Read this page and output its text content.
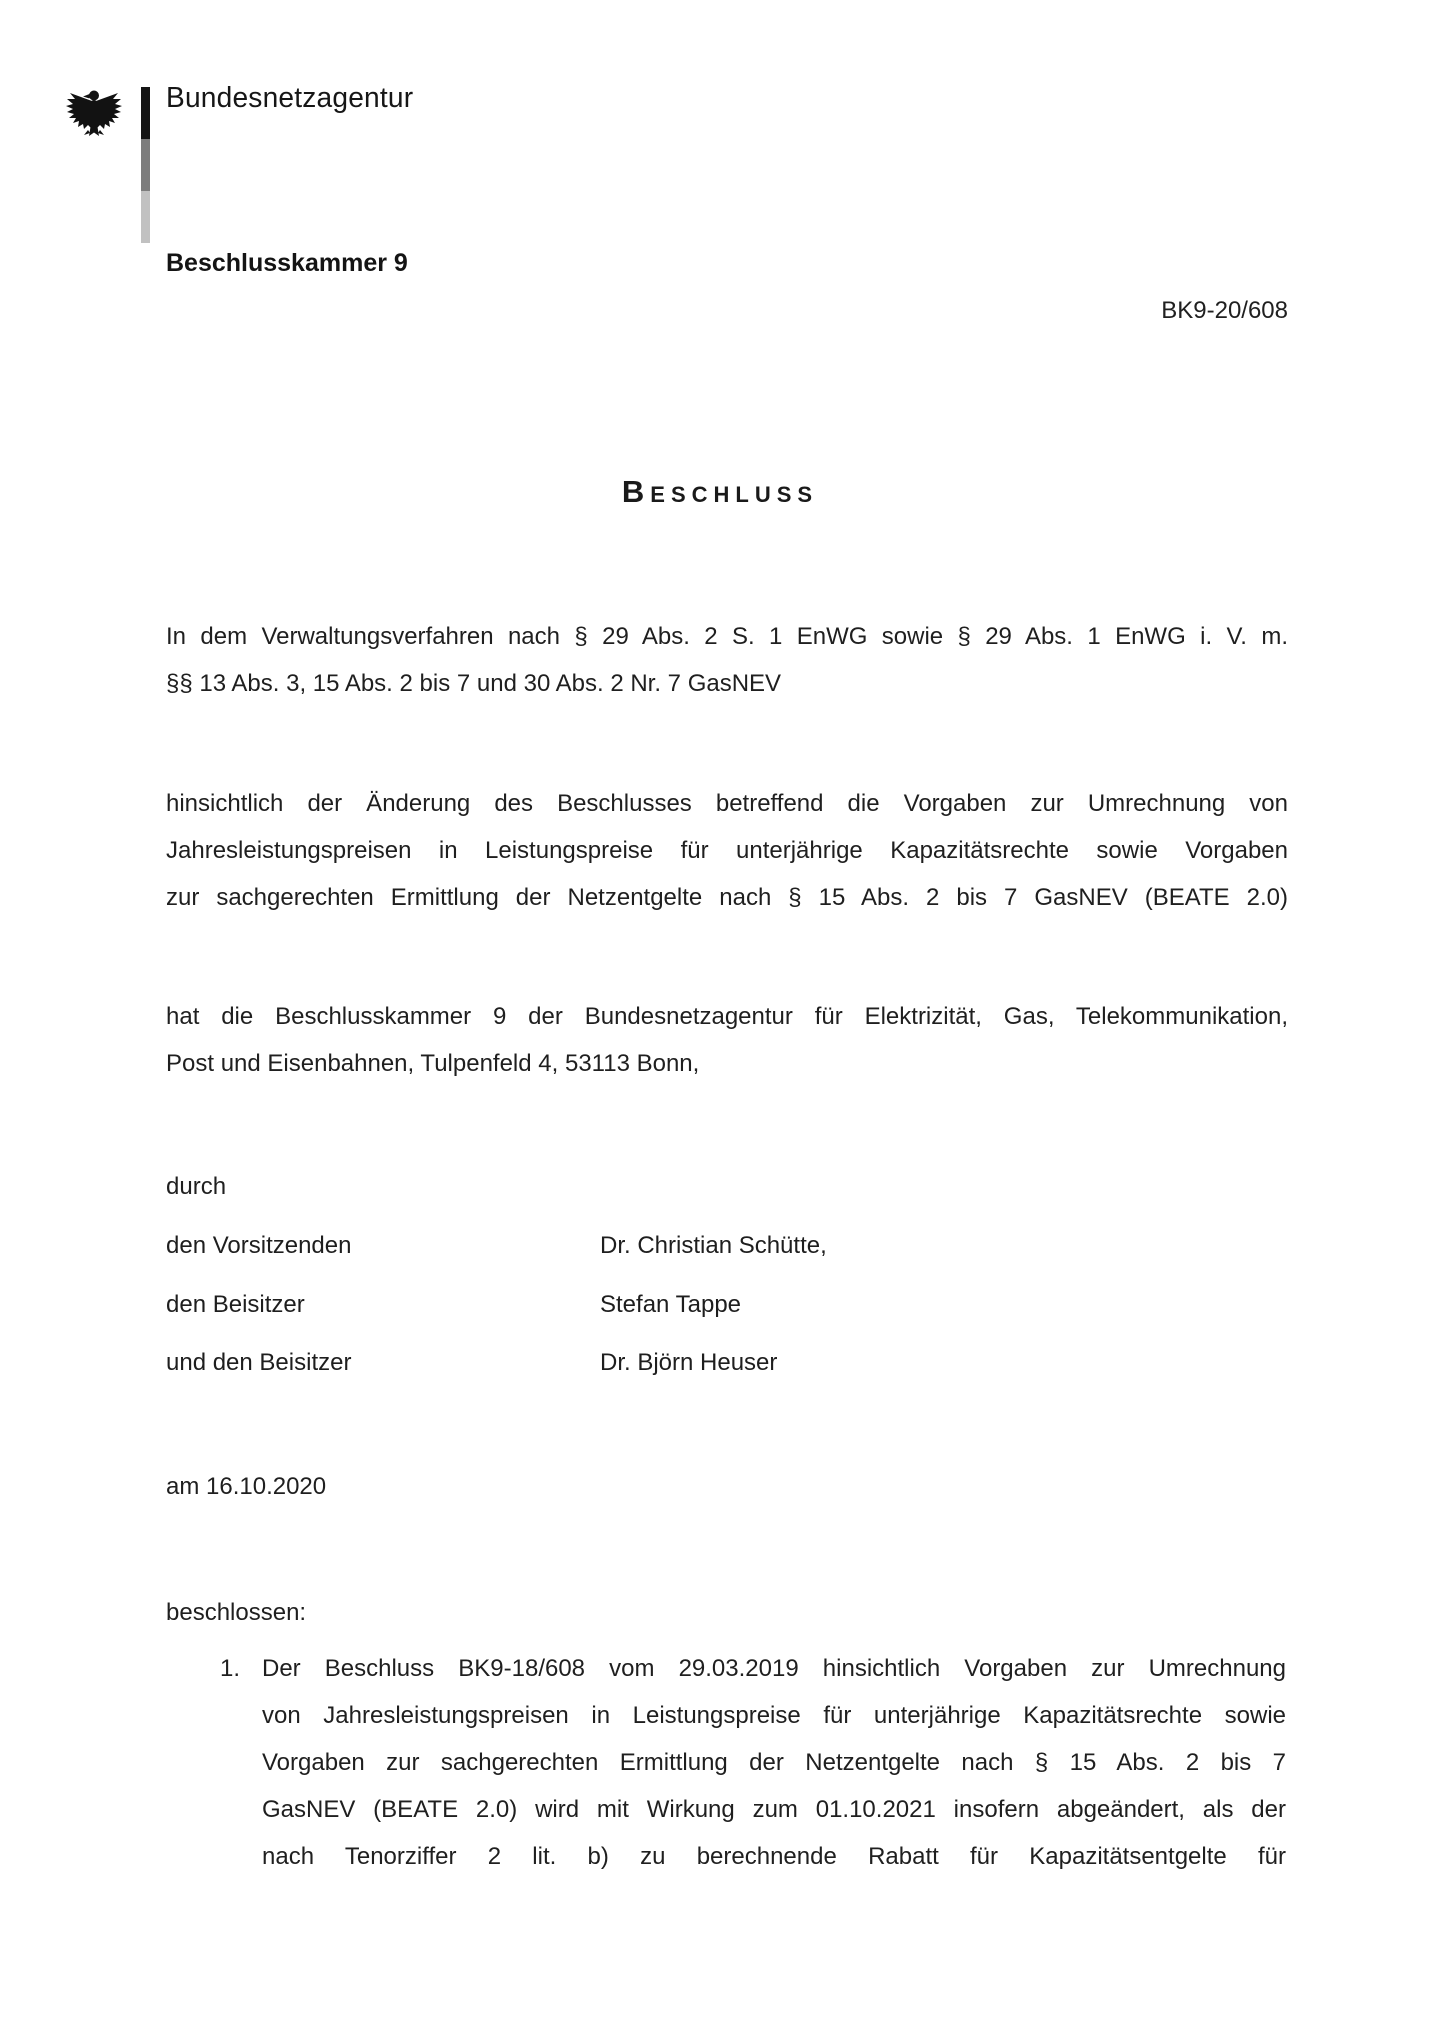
Bundesnetzagentur
Beschlusskammer 9
BK9-20/608
Beschluss
In dem Verwaltungsverfahren nach § 29 Abs. 2 S. 1 EnWG sowie § 29 Abs. 1 EnWG i. V. m.
§§ 13 Abs. 3, 15 Abs. 2 bis 7 und 30 Abs. 2 Nr. 7 GasNEV
hinsichtlich der Änderung des Beschlusses betreffend die Vorgaben zur Umrechnung von
Jahresleistungspreisen in Leistungspreise für unterjährige Kapazitätsrechte sowie Vorgaben
zur sachgerechten Ermittlung der Netzentgelte nach § 15 Abs. 2 bis 7 GasNEV (BEATE 2.0)
hat die Beschlusskammer 9 der Bundesnetzagentur für Elektrizität, Gas, Telekommunikation,
Post und Eisenbahnen, Tulpenfeld 4, 53113 Bonn,
durch
den Vorsitzenden	Dr. Christian Schütte,
den Beisitzer	Stefan Tappe
und den Beisitzer	Dr. Björn Heuser
am 16.10.2020
beschlossen:
1. Der Beschluss BK9-18/608 vom 29.03.2019 hinsichtlich Vorgaben zur Umrechnung
von Jahresleistungspreisen in Leistungspreise für unterjährige Kapazitätsrechte sowie
Vorgaben zur sachgerechten Ermittlung der Netzentgelte nach § 15 Abs. 2 bis 7
GasNEV (BEATE 2.0) wird mit Wirkung zum 01.10.2021 insofern abgeändert, als der
nach Tenorziffer 2 lit. b) zu berechnende Rabatt für Kapazitätsentgelte für
